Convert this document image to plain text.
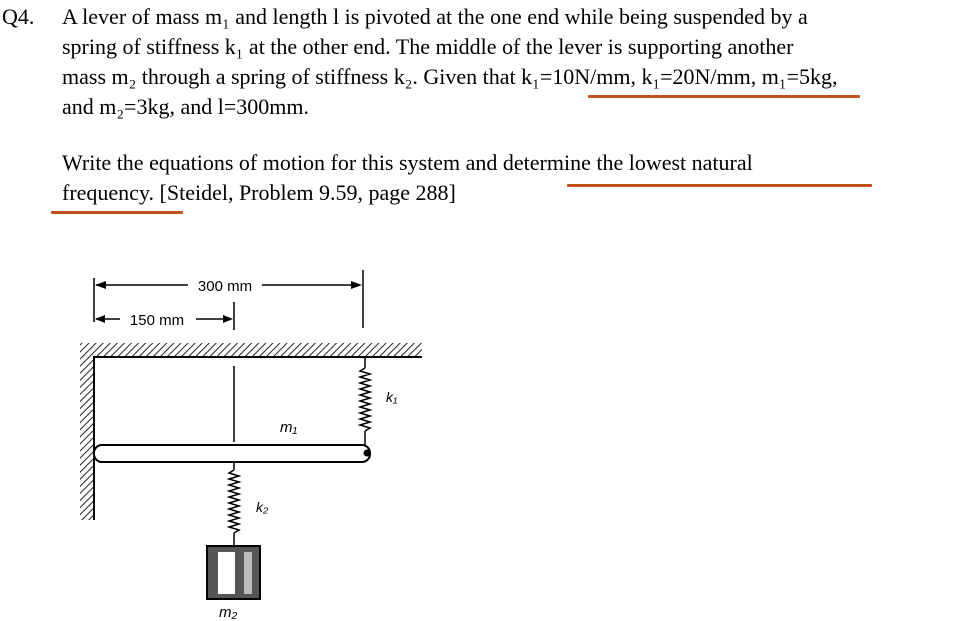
Q4. A lever of mass m₁ and length l is pivoted at the one end while being suspended by a
spring of stiffness k₁ at the other end. The middle of the lever is supporting another
mass m₂ through a spring of stiffness k₂. Given that k₁=10N/mm, k₁=20N/mm, m₁=5kg,
and m₂=3kg, and l=300mm.
Write the equations of motion for this system and determine the lowest natural
frequency. [Steidel, Problem 9.59, page 288]
300 mm
150 mm
m₁
k₁
k₂
m₂
